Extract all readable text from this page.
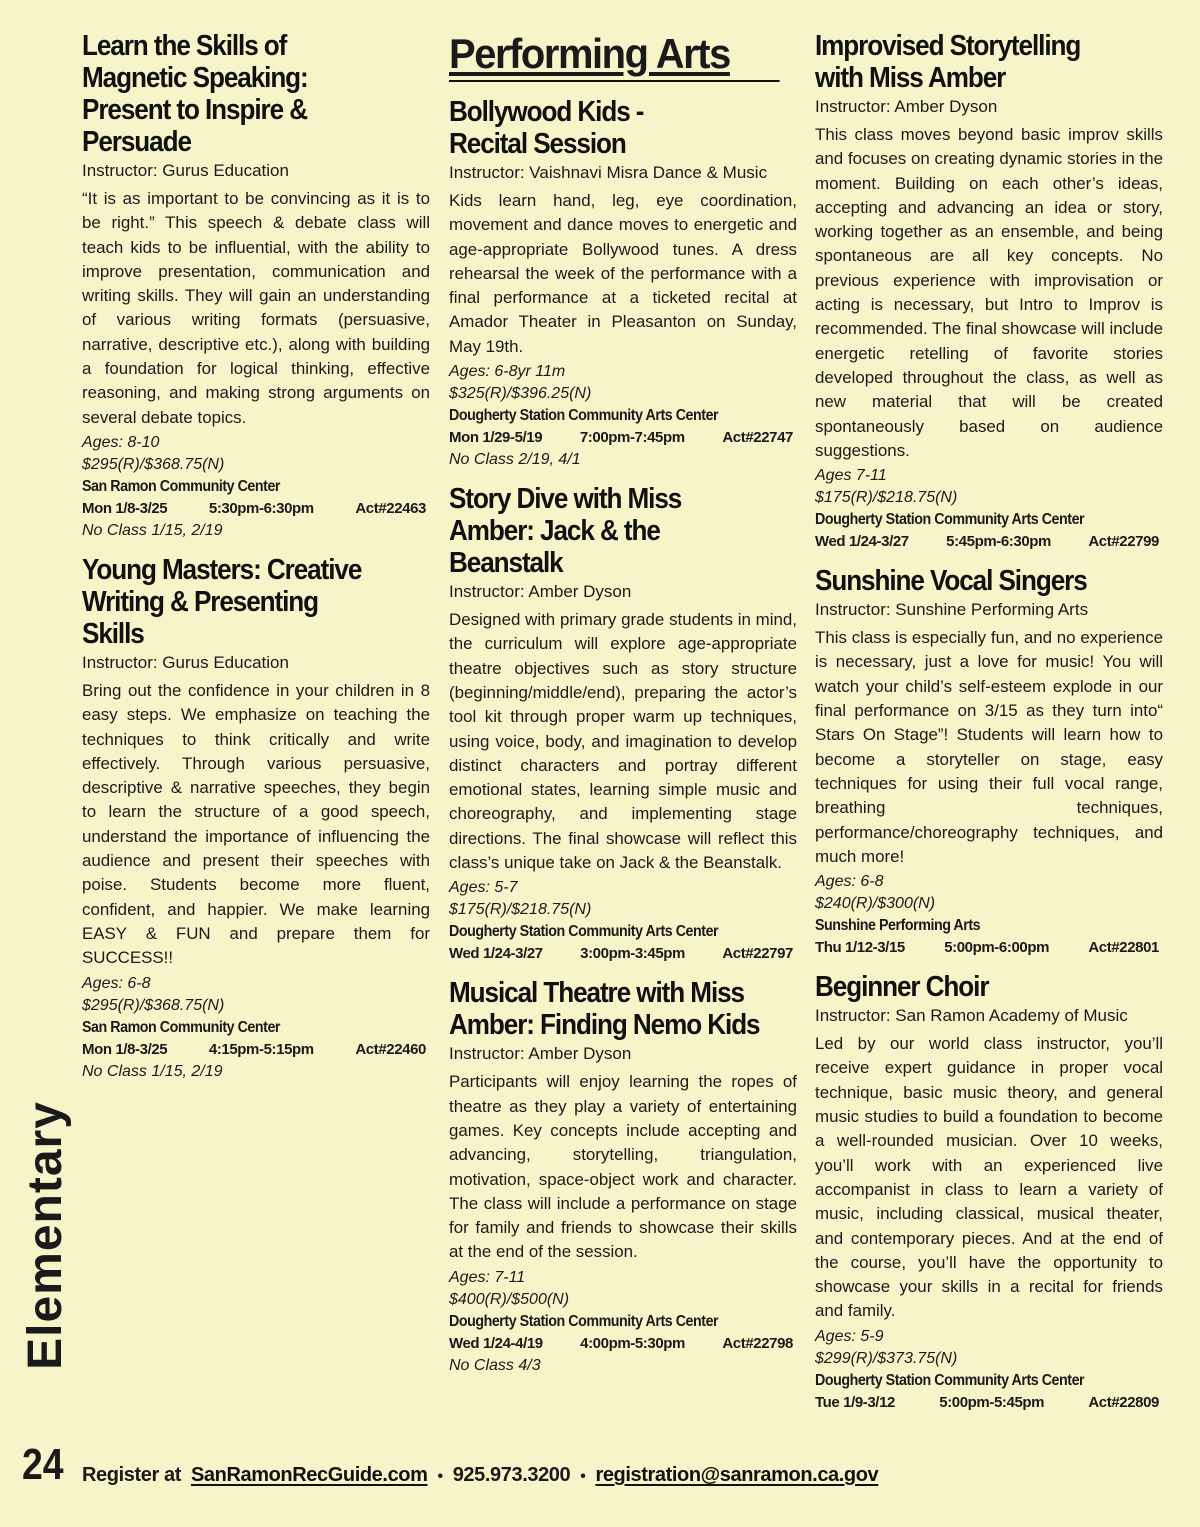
Learn the Skills of
Magnetic Speaking:
Present to Inspire &
Persuade
Instructor: Gurus Education
“It is as important to be convincing as it is to be right.” This speech & debate class will teach kids to be influential, with the ability to improve presentation, communication and writing skills. They will gain an understanding of various writing formats (persuasive, narrative, descriptive etc.), along with building a foundation for logical thinking, effective reasoning, and making strong arguments on several debate topics.
Ages: 8-10
$295(R)/$368.75(N)
San Ramon Community Center
Mon 1/8-3/25	5:30pm-6:30pm	Act#22463
No Class 1/15, 2/19
Young Masters: Creative
Writing & Presenting
Skills
Instructor: Gurus Education
Bring out the confidence in your children in 8 easy steps. We emphasize on teaching the techniques to think critically and write effectively. Through various persuasive, descriptive & narrative speeches, they begin to learn the structure of a good speech, understand the importance of influencing the audience and present their speeches with poise. Students become more fluent, confident, and happier. We make learning EASY & FUN and prepare them for SUCCESS!!
Ages: 6-8
$295(R)/$368.75(N)
San Ramon Community Center
Mon 1/8-3/25	4:15pm-5:15pm	Act#22460
No Class 1/15, 2/19
Performing Arts
Bollywood Kids -
Recital Session
Instructor: Vaishnavi Misra Dance & Music
Kids learn hand, leg, eye coordination, movement and dance moves to energetic and age-appropriate Bollywood tunes. A dress rehearsal the week of the performance with a final performance at a ticketed recital at Amador Theater in Pleasanton on Sunday, May 19th.
Ages: 6-8yr 11m
$325(R)/$396.25(N)
Dougherty Station Community Arts Center
Mon 1/29-5/19	7:00pm-7:45pm	Act#22747
No Class 2/19, 4/1
Story Dive with Miss
Amber: Jack & the
Beanstalk
Instructor: Amber Dyson
Designed with primary grade students in mind, the curriculum will explore age-appropriate theatre objectives such as story structure (beginning/middle/end), preparing the actor’s tool kit through proper warm up techniques, using voice, body, and imagination to develop distinct characters and portray different emotional states, learning simple music and choreography, and implementing stage directions. The final showcase will reflect this class’s unique take on Jack & the Beanstalk.
Ages: 5-7
$175(R)/$218.75(N)
Dougherty Station Community Arts Center
Wed 1/24-3/27 3:00pm-3:45pm Act#22797
Musical Theatre with Miss
Amber: Finding Nemo Kids
Instructor: Amber Dyson
Participants will enjoy learning the ropes of theatre as they play a variety of entertaining games. Key concepts include accepting and advancing, storytelling, triangulation, motivation, space-object work and character. The class will include a performance on stage for family and friends to showcase their skills at the end of the session.
Ages: 7-11
$400(R)/$500(N)
Dougherty Station Community Arts Center
Wed 1/24-4/19 4:00pm-5:30pm Act#22798
No Class 4/3
Improvised Storytelling
with Miss Amber
Instructor: Amber Dyson
This class moves beyond basic improv skills and focuses on creating dynamic stories in the moment. Building on each other’s ideas, accepting and advancing an idea or story, working together as an ensemble, and being spontaneous are all key concepts. No previous experience with improvisation or acting is necessary, but Intro to Improv is recommended. The final showcase will include energetic retelling of favorite stories developed throughout the class, as well as new material that will be created spontaneously based on audience suggestions.
Ages 7-11
$175(R)/$218.75(N)
Dougherty Station Community Arts Center
Wed 1/24-3/27 5:45pm-6:30pm Act#22799
Sunshine Vocal Singers
Instructor: Sunshine Performing Arts
This class is especially fun, and no experience is necessary, just a love for music! You will watch your child’s self-esteem explode in our final performance on 3/15 as they turn into“ Stars On Stage”! Students will learn how to become a storyteller on stage, easy techniques for using their full vocal range, breathing techniques, performance/choreography techniques, and much more!
Ages: 6-8
$240(R)/$300(N)
Sunshine Performing Arts
Thu 1/12-3/15	5:00pm-6:00pm	Act#22801
Beginner Choir
Instructor: San Ramon Academy of Music
Led by our world class instructor, you’ll receive expert guidance in proper vocal technique, basic music theory, and general music studies to build a foundation to become a well-rounded musician. Over 10 weeks, you’ll work with an experienced live accompanist in class to learn a variety of music, including classical, musical theater, and contemporary pieces. And at the end of the course, you’ll have the opportunity to showcase your skills in a recital for friends and family.
Ages: 5-9
$299(R)/$373.75(N)
Dougherty Station Community Arts Center
Tue 1/9-3/12	5:00pm-5:45pm	Act#22809
Elementary
24 Register at SanRamonRecGuide.com • 925.973.3200 • registration@sanramon.ca.gov
